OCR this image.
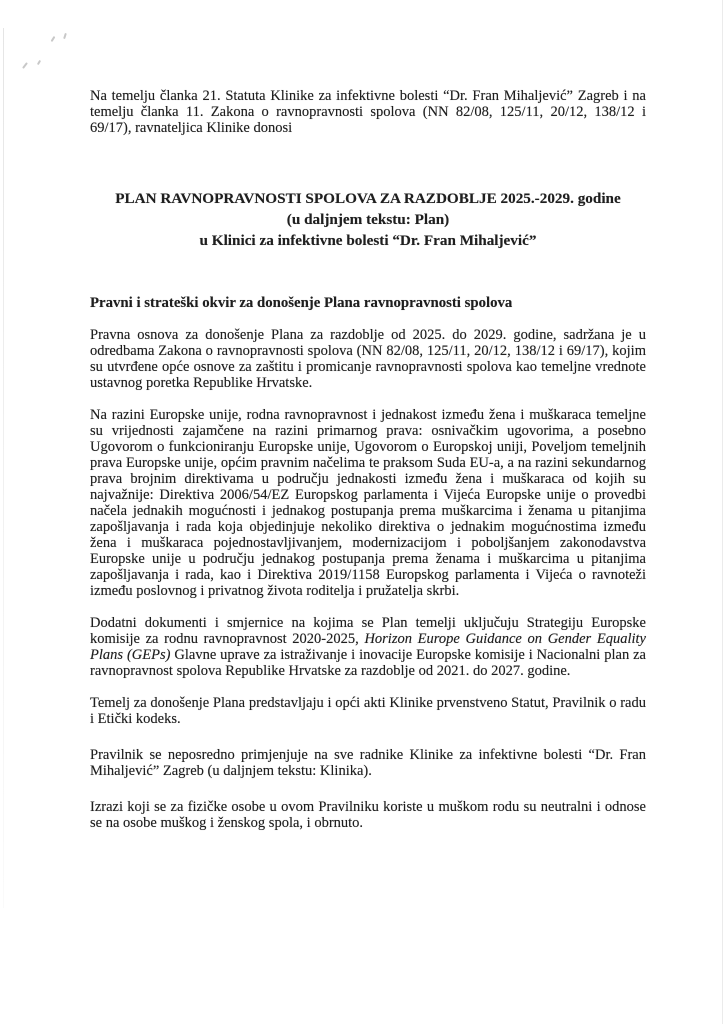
Na temelju članka 21. Statuta Klinike za infektivne bolesti “Dr. Fran Mihaljević” Zagreb i na temelju članka 11. Zakona o ravnopravnosti spolova (NN 82/08, 125/11, 20/12, 138/12 i 69/17), ravnateljica Klinike donosi

PLAN RAVNOPRAVNOSTI SPOLOVA ZA RAZDOBLJE 2025.-2029. godine
(u daljnjem tekstu: Plan)
u Klinici za infektivne bolesti “Dr. Fran Mihaljević”
Pravni i strateški okvir za donošenje Plana ravnopravnosti spolova

Pravna osnova za donošenje Plana za razdoblje od 2025. do 2029. godine, sadržana je u odredbama Zakona o ravnopravnosti spolova (NN 82/08, 125/11, 20/12, 138/12 i 69/17), kojim su utvrđene opće osnove za zaštitu i promicanje ravnopravnosti spolova kao temeljne vrednote ustavnog poretka Republike Hrvatske.

Na razini Europske unije, rodna ravnopravnost i jednakost između žena i muškaraca temeljne su vrijednosti zajamčene na razini primarnog prava: osnivačkim ugovorima, a posebno Ugovorom o funkcioniranju Europske unije, Ugovorom o Europskoj uniji, Poveljom temeljnih prava Europske unije, općim pravnim načelima te praksom Suda EU-a, a na razini sekundarnog prava brojnim direktivama u području jednakosti između žena i muškaraca od kojih su najvažnije: Direktiva 2006/54/EZ Europskog parlamenta i Vijeća Europske unije o provedbi načela jednakih mogućnosti i jednakog postupanja prema muškarcima i ženama u pitanjima zapošljavanja i rada koja objedinjuje nekoliko direktiva o jednakim mogućnostima između žena i muškaraca pojednostavljivanjem, modernizacijom i poboljšanjem zakonodavstva Europske unije u području jednakog postupanja prema ženama i muškarcima u pitanjima zapošljavanja i rada, kao i Direktiva 2019/1158 Europskog parlamenta i Vijeća o ravnoteži između poslovnog i privatnog života roditelja i pružatelja skrbi.

Dodatni dokumenti i smjernice na kojima se Plan temelji uključuju Strategiju Europske komisije za rodnu ravnopravnost 2020-2025, Horizon Europe Guidance on Gender Equality Plans (GEPs) Glavne uprave za istraživanje i inovacije Europske komisije i Nacionalni plan za ravnopravnost spolova Republike Hrvatske za razdoblje od 2021. do 2027. godine.

Temelj za donošenje Plana predstavljaju i opći akti Klinike prvenstveno Statut, Pravilnik o radu i Etički kodeks.

Pravilnik se neposredno primjenjuje na sve radnike Klinike za infektivne bolesti “Dr. Fran Mihaljević” Zagreb (u daljnjem tekstu: Klinika).

Izrazi koji se za fizičke osobe u ovom Pravilniku koriste u muškom rodu su neutralni i odnose se na osobe muškog i ženskog spola, i obrnuto.
